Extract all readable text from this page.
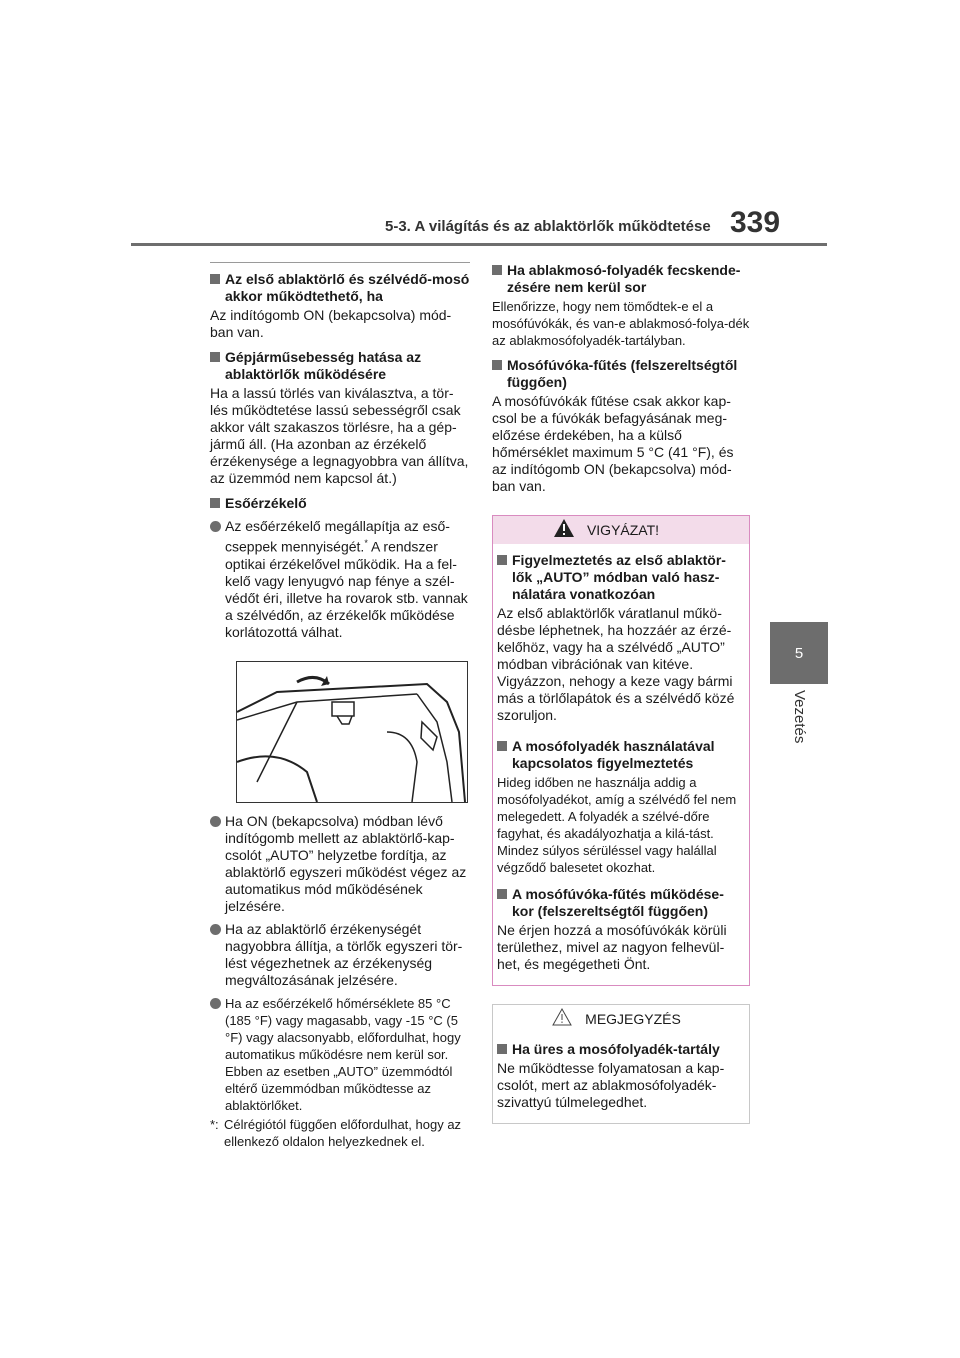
5-3. A világítás és az ablaktörlők működtetése 339
5
Vezetés
Az első ablaktörlő és szélvédő-mosó akkor működtethető, ha

Az indítógomb ON (bekapcsolva) mód-ban van.

Gépjárműsebesség hatása az ablaktörlők működésére

Ha a lassú törlés van kiválasztva, a tör-lés működtetése lassú sebességről csak akkor vált szakaszos törlésre, ha a gép-jármű áll. (Ha azonban az érzékelő érzékenysége a legnagyobbra van állítva, az üzemmód nem kapcsol át.)

Esőérzékelő
Az esőérzékelő megállapítja az eső-cseppek mennyiségét.* A rendszer optikai érzékelővel működik. Ha a fel-kelő vagy lenyugvó nap fénye a szél-védőt éri, illetve ha rovarok stb. vannak a szélvédőn, az érzékelők működése korlátozottá válhat.
Ha ON (bekapcsolva) módban lévő indítógomb mellett az ablaktörlő-kap-csolót „AUTO” helyzetbe fordítja, az ablaktörlő egyszeri működést végez az automatikus mód működésének jelzésére.
Ha az ablaktörlő érzékenységét nagyobbra állítja, a törlők egyszeri tör-lést végezhetnek az érzékenység megváltozásának jelzésére.
Ha az esőérzékelő hőmérséklete 85 °C (185 °F) vagy magasabb, vagy -15 °C (5 °F) vagy alacsonyabb, előfordulhat, hogy automatikus működésre nem kerül sor. Ebben az esetben „AUTO” üzemmódtól eltérő üzemmódban működtesse az ablaktörlőket.
*: Célrégiótól függően előfordulhat, hogy az ellenkező oldalon helyezkednek el.
Ha ablakmosó-folyadék fecskende-zésére nem kerül sor

Ellenőrizze, hogy nem tömődtek-e el a mosófúvókák, és van-e ablakmosó-folya-dék az ablakmosófolyadék-tartályban.

Mosófúvóka-fűtés (felszereltségtől függően)

A mosófúvókák fűtése csak akkor kap-csol be a fúvókák befagyásának meg-előzése érdekében, ha a külső hőmérséklet maximum 5 °C (41 °F), és az indítógomb ON (bekapcsolva) mód-ban van.

VIGYÁZAT!
Figyelmeztetés az első ablaktör-lők „AUTO” módban való hasz-nálatára vonatkozóan

Az első ablaktörlők váratlanul műkö-désbe léphetnek, ha hozzáér az érzé-kelőhöz, vagy ha a szélvédő „AUTO” módban vibrációnak van kitéve. Vigyázzon, nehogy a keze vagy bármi más a törlőlapátok és a szélvédő közé szoruljon.

A mosófolyadék használatával kapcsolatos figyelmeztetés

Hideg időben ne használja addig a mosófolyadékot, amíg a szélvédő fel nem melegedett. A folyadék a szélvé-dőre fagyhat, és akadályozhatja a kilá-tást. Mindez súlyos sérüléssel vagy halállal végződő balesetet okozhat.

A mosófúvóka-fűtés működése-kor (felszereltségtől függően)

Ne érjen hozzá a mosófúvókák körüli területhez, mivel az nagyon felhevül-het, és megégetheti Önt.

MEGJEGYZÉS
Ha üres a mosófolyadék-tartály

Ne működtesse folyamatosan a kap-csolót, mert az ablakmosófolyadék-szivattyú túlmelegedhet.
